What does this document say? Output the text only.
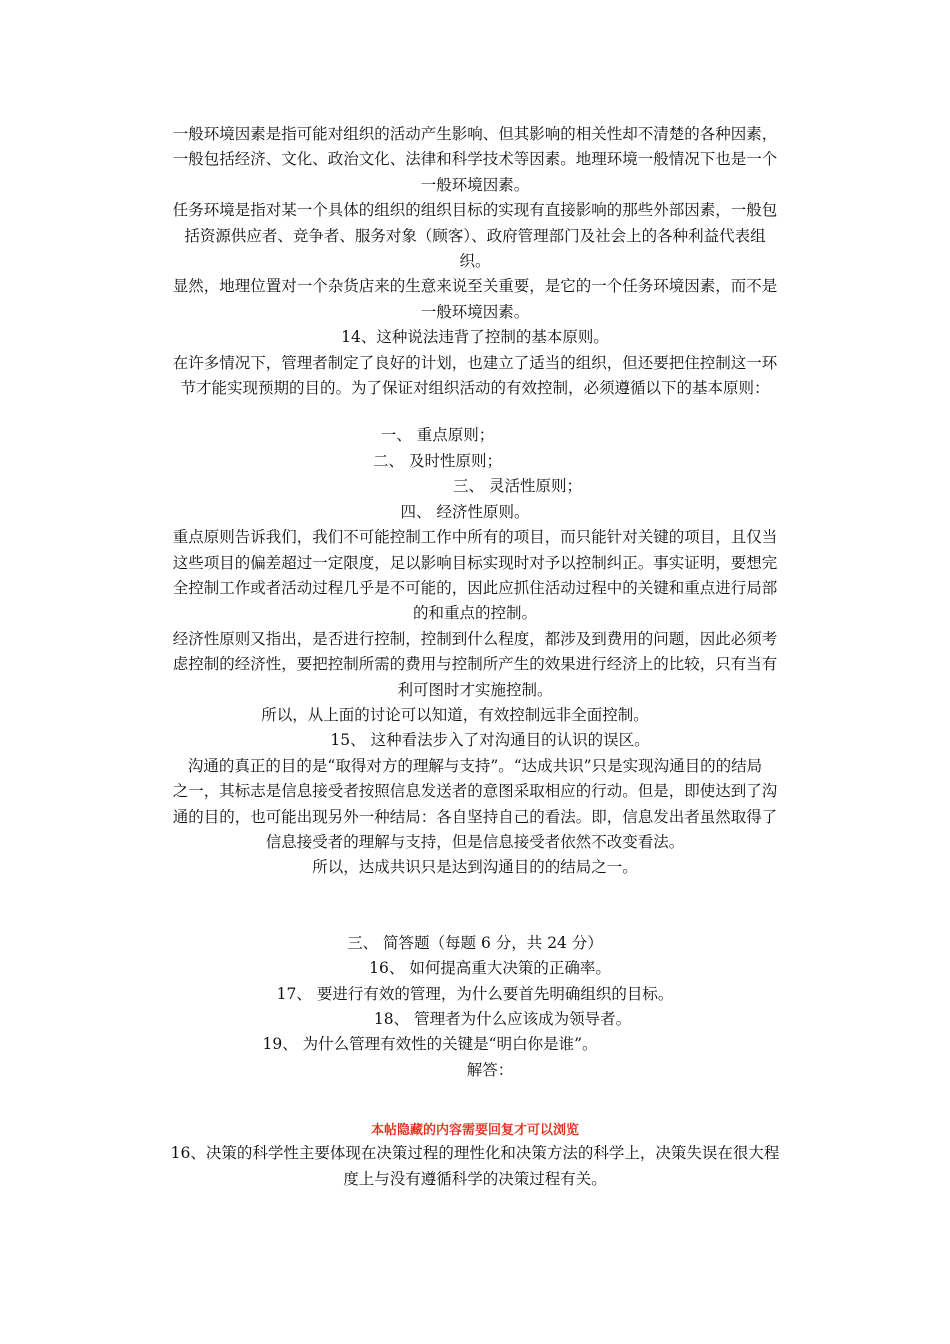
一般环境因素是指可能对组织的活动产生影响、但其影响的相关性却不清楚的各种因素，
一般包括经济、文化、政治文化、法律和科学技术等因素。地理环境一般情况下也是一个
一般环境因素。

任务环境是指对某一个具体的组织的组织目标的实现有直接影响的那些外部因素，一般包
括资源供应者、竞争者、服务对象（顾客）、政府管理部门及社会上的各种利益代表组
织。

显然，地理位置对一个杂货店来的生意来说至关重要，是它的一个任务环境因素，而不是
一般环境因素。

14、这种说法违背了控制的基本原则。

在许多情况下，管理者制定了良好的计划，也建立了适当的组织，但还要把住控制这一环
节才能实现预期的目的。为了保证对组织活动的有效控制，必须遵循以下的基本原则：

一、 重点原则；

二、 及时性原则；

三、 灵活性原则；

四、 经济性原则。

重点原则告诉我们，我们不可能控制工作中所有的项目，而只能针对关键的项目，且仅当
这些项目的偏差超过一定限度，足以影响目标实现时对予以控制纠正。事实证明，要想完
全控制工作或者活动过程几乎是不可能的，因此应抓住活动过程中的关键和重点进行局部
的和重点的控制。

经济性原则又指出，是否进行控制，控制到什么程度，都涉及到费用的问题，因此必须考
虑控制的经济性，要把控制所需的费用与控制所产生的效果进行经济上的比较，只有当有
利可图时才实施控制。

所以，从上面的讨论可以知道，有效控制远非全面控制。

15、 这种看法步入了对沟通目的认识的误区。

沟通的真正的目的是“取得对方的理解与支持”。“达成共识”只是实现沟通目的的结局
之一，其标志是信息接受者按照信息发送者的意图采取相应的行动。但是，即使达到了沟
通的目的，也可能出现另外一种结局：各自坚持自己的看法。即，信息发出者虽然取得了
信息接受者的理解与支持，但是信息接受者依然不改变看法。

所以，达成共识只是达到沟通目的的结局之一。

三、 简答题（每题 6 分，共 24 分）

16、 如何提高重大决策的正确率。

17、 要进行有效的管理，为什么要首先明确组织的目标。

18、 管理者为什么应该成为领导者。

19、 为什么管理有效性的关键是“明白你是谁”。

解答：

本帖隐藏的内容需要回复才可以浏览

16、决策的科学性主要体现在决策过程的理性化和决策方法的科学上，决策失误在很大程
度上与没有遵循科学的决策过程有关。
